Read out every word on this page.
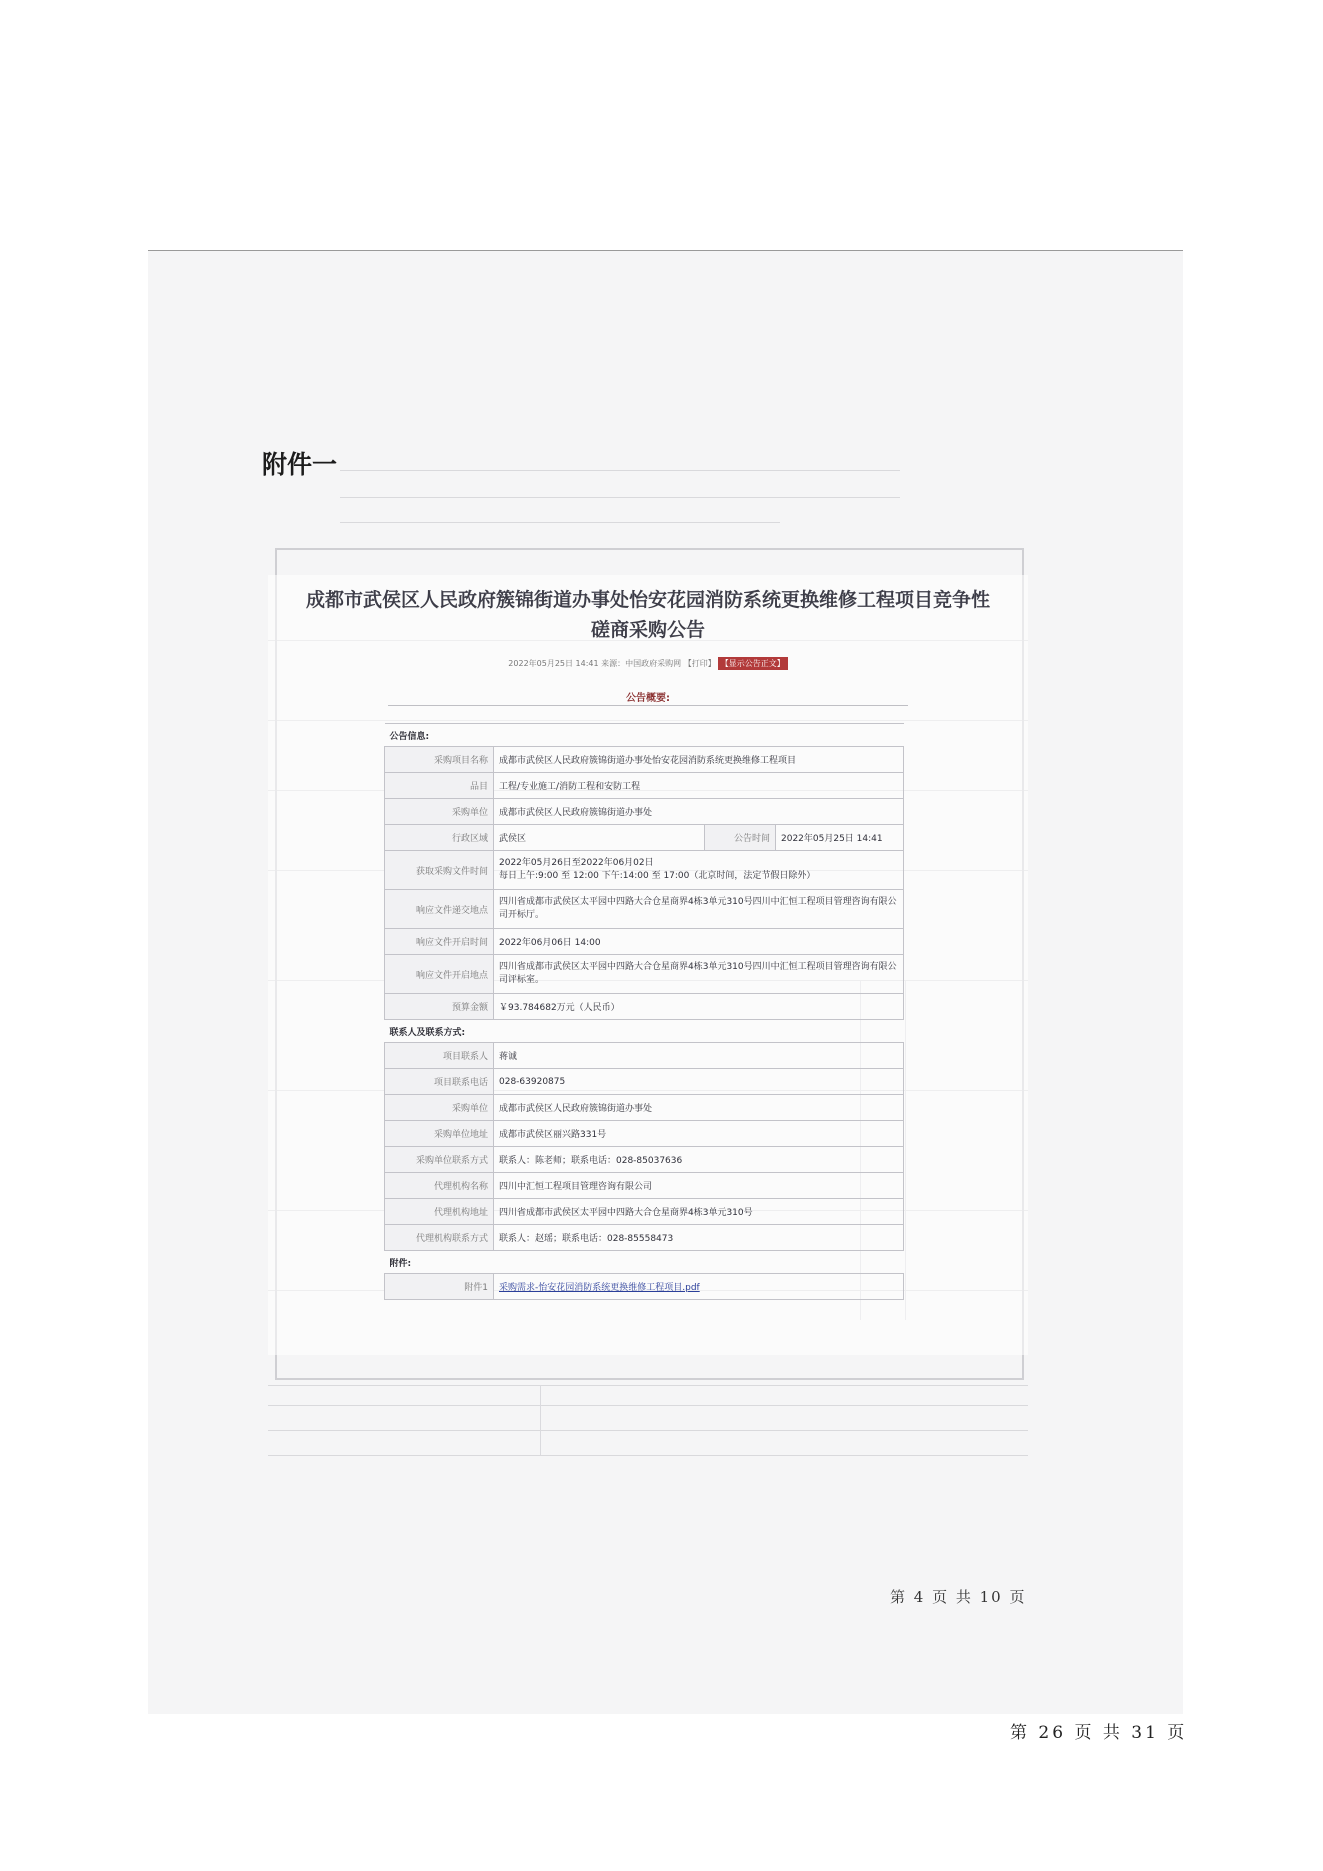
附件一
成都市武侯区人民政府簇锦街道办事处怡安花园消防系统更换维修工程项目竞争性
磋商采购公告
2022年05月25日 14:41 来源：中国政府采购网 【打印】 【显示公告正文】
公告概要:
公告信息:			
采购项目名称	成都市武侯区人民政府簇锦街道办事处怡安花园消防系统更换维修工程项目		
品目	工程/专业施工/消防工程和安防工程		
采购单位	成都市武侯区人民政府簇锦街道办事处		
行政区域	武侯区	公告时间	2022年05月25日 14:41
获取采购文件时间	2022年05月26日至2022年06月02日
每日上午:9:00 至 12:00 下午:14:00 至 17:00（北京时间，法定节假日除外）		

响应文件递交地点	四川省成都市武侯区太平园中四路大合仓星商界4栋3单元310号四川中汇恒工程项目管理咨询有限公司开标厅。		
响应文件开启时间	2022年06月06日 14:00		
响应文件开启地点	四川省成都市武侯区太平园中四路大合仓星商界4栋3单元310号四川中汇恒工程项目管理咨询有限公司评标室。		
预算金额	￥93.784682万元（人民币）		
联系人及联系方式:			
项目联系人	蒋诚		
项目联系电话	028-63920875		
采购单位	成都市武侯区人民政府簇锦街道办事处		
采购单位地址	成都市武侯区丽兴路331号		
采购单位联系方式	联系人：陈老师；联系电话：028-85037636		
代理机构名称	四川中汇恒工程项目管理咨询有限公司		
代理机构地址	四川省成都市武侯区太平园中四路大合仓星商界4栋3单元310号		
代理机构联系方式	联系人：赵瑶；联系电话：028-85558473		
附件:			
附件1	采购需求-怡安花园消防系统更换维修工程项目.pdf		
第 4 页 共 10 页
第 26 页 共 31 页
